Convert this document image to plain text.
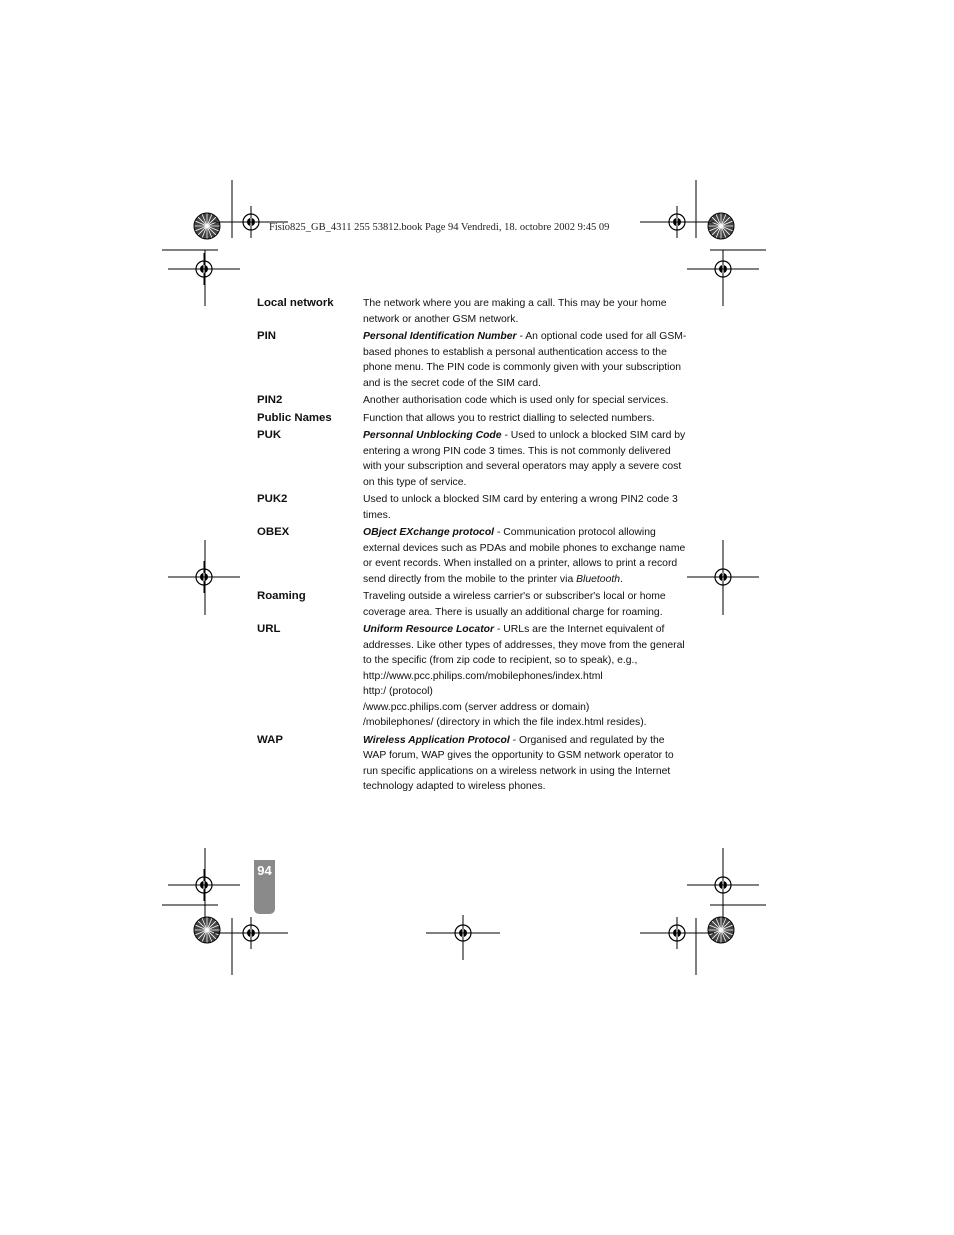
Fisio825_GB_4311 255 53812.book Page 94 Vendredi, 18. octobre 2002 9:45 09
Local network	The network where you are making a call. This may be your home network or another GSM network.
PIN	Personal Identification Number - An optional code used for all GSM-based phones to establish a personal authentication access to the phone menu. The PIN code is commonly given with your subscription and is the secret code of the SIM card.
PIN2	Another authorisation code which is used only for special services.
Public Names	Function that allows you to restrict dialling to selected numbers.
PUK	Personnal Unblocking Code - Used to unlock a blocked SIM card by entering a wrong PIN code 3 times. This is not commonly delivered with your subscription and several operators may apply a severe cost on this type of service.
PUK2	Used to unlock a blocked SIM card by entering a wrong PIN2 code 3 times.
OBEX	OBject EXchange protocol - Communication protocol allowing external devices such as PDAs and mobile phones to exchange name or event records. When installed on a printer, allows to print a record send directly from the mobile to the printer via Bluetooth.
Roaming	Traveling outside a wireless carrier's or subscriber's local or home coverage area. There is usually an additional charge for roaming.
URL	Uniform Resource Locator - URLs are the Internet equivalent of addresses. Like other types of addresses, they move from the general to the specific (from zip code to recipient, so to speak), e.g.,
http://www.pcc.philips.com/mobilephones/index.html
http:/ (protocol)
/www.pcc.philips.com (server address or domain)
/mobilephones/ (directory in which the file index.html resides).
WAP	Wireless Application Protocol - Organised and regulated by the WAP forum, WAP gives the opportunity to GSM network operator to run specific applications on a wireless network in using the Internet technology adapted to wireless phones.
94
